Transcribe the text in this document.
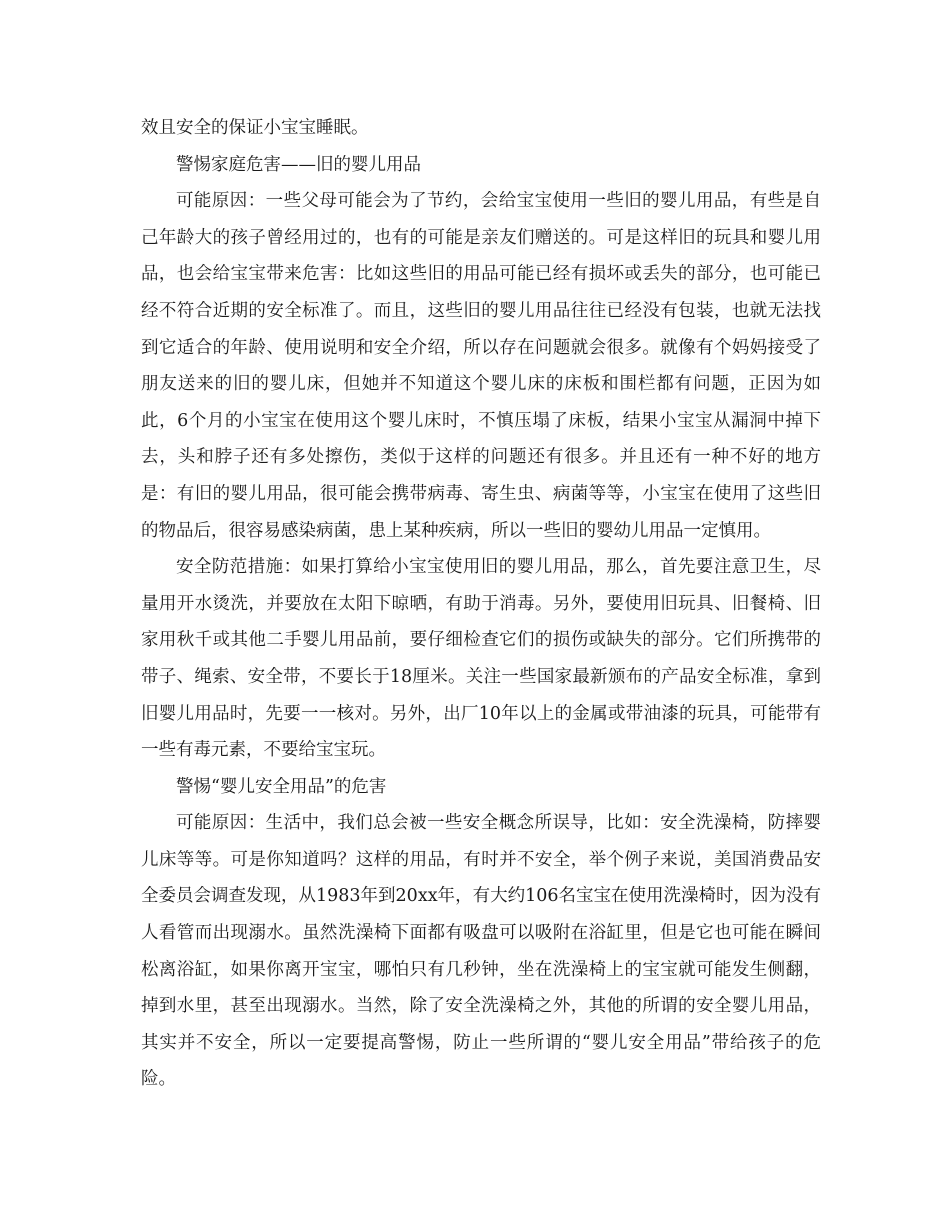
效且安全的保证小宝宝睡眠。

警惕家庭危害——旧的婴儿用品

可能原因：一些父母可能会为了节约，会给宝宝使用一些旧的婴儿用品，有些是自己年龄大的孩子曾经用过的，也有的可能是亲友们赠送的。可是这样旧的玩具和婴儿用品，也会给宝宝带来危害：比如这些旧的用品可能已经有损坏或丢失的部分，也可能已经不符合近期的安全标准了。而且，这些旧的婴儿用品往往已经没有包装，也就无法找到它适合的年龄、使用说明和安全介绍，所以存在问题就会很多。就像有个妈妈接受了朋友送来的旧的婴儿床，但她并不知道这个婴儿床的床板和围栏都有问题，正因为如此，6个月的小宝宝在使用这个婴儿床时，不慎压塌了床板，结果小宝宝从漏洞中掉下去，头和脖子还有多处擦伤，类似于这样的问题还有很多。并且还有一种不好的地方是：有旧的婴儿用品，很可能会携带病毒、寄生虫、病菌等等，小宝宝在使用了这些旧的物品后，很容易感染病菌，患上某种疾病，所以一些旧的婴幼儿用品一定慎用。

安全防范措施：如果打算给小宝宝使用旧的婴儿用品，那么，首先要注意卫生，尽量用开水烫洗，并要放在太阳下晾晒，有助于消毒。另外，要使用旧玩具、旧餐椅、旧家用秋千或其他二手婴儿用品前，要仔细检查它们的损伤或缺失的部分。它们所携带的带子、绳索、安全带，不要长于18厘米。关注一些国家最新颁布的产品安全标准，拿到旧婴儿用品时，先要一一核对。另外，出厂10年以上的金属或带油漆的玩具，可能带有一些有毒元素，不要给宝宝玩。

警惕“婴儿安全用品”的危害

可能原因：生活中，我们总会被一些安全概念所误导，比如：安全洗澡椅，防摔婴儿床等等。可是你知道吗？这样的用品，有时并不安全，举个例子来说，美国消费品安全委员会调查发现，从1983年到20xx年，有大约106名宝宝在使用洗澡椅时，因为没有人看管而出现溺水。虽然洗澡椅下面都有吸盘可以吸附在浴缸里，但是它也可能在瞬间松离浴缸，如果你离开宝宝，哪怕只有几秒钟，坐在洗澡椅上的宝宝就可能发生侧翻，掉到水里，甚至出现溺水。当然，除了安全洗澡椅之外，其他的所谓的安全婴儿用品，其实并不安全，所以一定要提高警惕，防止一些所谓的“婴儿安全用品”带给孩子的危险。
